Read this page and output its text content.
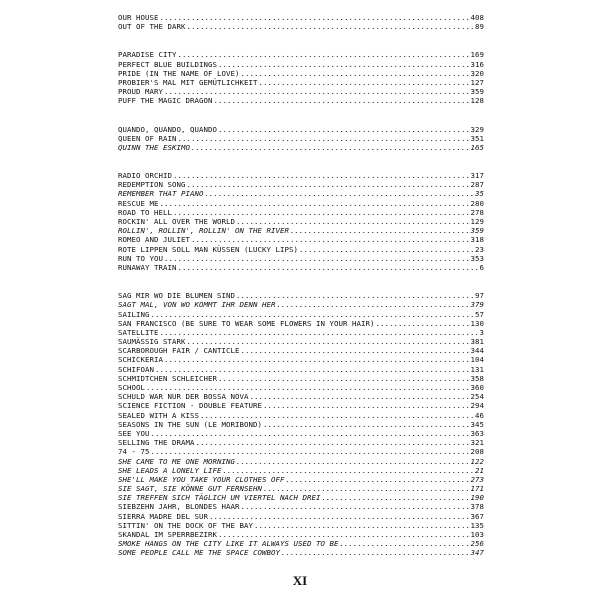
OUR HOUSE .....	408
OUT OF THE DARK .....	89
PARADISE CITY .....	169
PERFECT BLUE BUILDINGS .....	316
PRIDE (IN THE NAME OF LOVE) .....	320
PROBIER'S MAL MIT GEMÜTLICHKEIT .....	127
PROUD MARY .....	359
PUFF THE MAGIC DRAGON .....	128
QUANDO, QUANDO, QUANDO .....	329
QUEEN OF RAIN .....	351
QUINN THE ESKIMO .....	165
RADIO ORCHID .....	317
REDEMPTION SONG .....	287
REMEMBER THAT PIANO .....	35
RESCUE ME .....	280
ROAD TO HELL .....	278
ROCKIN' ALL OVER THE WORLD .....	129
ROLLIN', ROLLIN', ROLLIN' ON THE RIVER .....	359
ROMEO AND JULIET .....	318
ROTE LIPPEN SOLL MAN KÜSSEN (LUCKY LIPS) .....	23
RUN TO YOU .....	353
RUNAWAY TRAIN .....	6
SAG MIR WO DIE BLUMEN SIND .....	97
SAGT MAL, VON WO KOMMT IHR DENN HER .....	379
SAILING .....	57
SAN FRANCISCO (BE SURE TO WEAR SOME FLOWERS IN YOUR HAIR) .....	130
SATELLITE .....	3
SAUMÄSSIG STARK .....	381
SCARBOROUGH FAIR / CANTICLE .....	344
SCHICKERIA .....	104
SCHIFOAN .....	131
SCHMIDTCHEN SCHLEICHER .....	358
SCHOOL .....	360
SCHULD WAR NUR DER BOSSA NOVA .....	254
SCIENCE FICTION - DOUBLE FEATURE .....	294
SEALED WITH A KISS .....	46
SEASONS IN THE SUN (LE MORIBOND) .....	345
SEE YOU .....	363
SELLING THE DRAMA .....	321
74 - 75 .....	208
SHE CAME TO ME ONE MORNING .....	122
SHE LEADS A LONELY LIFE .....	21
SHE'LL MAKE YOU TAKE YOUR CLOTHES OFF .....	273
SIE SAGT, SIE KÖNNE GUT FERNSEHN .....	171
SIE TREFFEN SICH TÄGLICH UM VIERTEL NACH DREI .....	190
SIEBZEHN JAHR, BLONDES HAAR .....	378
SIERRA MADRE DEL SUR .....	367
SITTIN' ON THE DOCK OF THE BAY .....	135
SKANDAL IM SPERRBEZIRK .....	103
SMOKE HANGS ON THE CITY LIKE IT ALWAYS USED TO BE .....	256
SOME PEOPLE CALL ME THE SPACE COWBOY .....	347
XI
